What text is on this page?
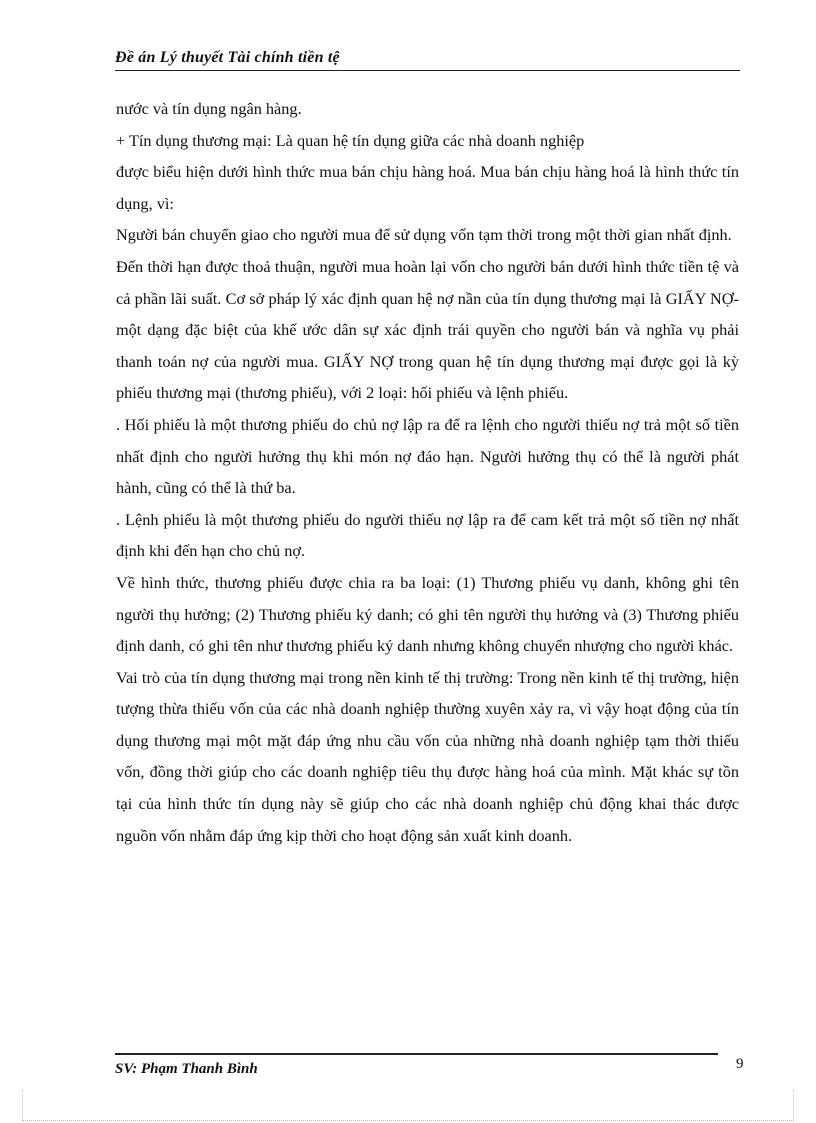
Đề án Lý thuyết Tài chính tiền tệ

nước và tín dụng ngân hàng.

+ Tín dụng thương mại: Là quan hệ tín dụng giữa các nhà doanh nghiệp

được biểu hiện dưới hình thức mua bán chịu hàng hoá. Mua bán chịu hàng hoá là hình thức tín dụng, vì:

Người bán chuyển giao cho người mua để sử dụng vốn tạm thời trong một thời gian nhất định.

Đến thời hạn được thoả thuận, người mua hoàn lại vốn cho người bán dưới hình thức tiền tệ và cả phần lãi suất. Cơ sở pháp lý xác định quan hệ nợ nần của tín dụng thương mại là GIẤY NỢ- một dạng đặc biệt của khế ước dân sự xác định trái quyền cho người bán và nghĩa vụ phải thanh toán nợ của người mua. GIẤY NỢ trong quan hệ tín dụng thương mại được gọi là kỳ phiếu thương mại (thương phiếu), với 2 loại: hối phiếu và lệnh phiếu.

. Hối phiếu là một thương phiếu do chủ nợ lập ra để ra lệnh cho người thiếu nợ trả một số tiền nhất định cho người hưởng thụ khi món nợ đáo hạn. Người hưởng thụ có thể là người phát hành, cũng có thể là thứ ba.

. Lệnh phiếu là một thương phiếu do người thiếu nợ lập ra để cam kết trả một số tiền nợ nhất định khi đến hạn cho chủ nợ.

Về hình thức, thương phiếu được chia ra ba loại: (1) Thương phiếu vụ danh, không ghi tên người thụ hưởng; (2) Thương phiếu ký danh; có ghi tên người thụ hưởng và (3) Thương phiếu định danh, có ghi tên như thương phiếu ký danh nhưng không chuyển nhượng cho người khác.

Vai trò của tín dụng thương mại trong nền kinh tế thị trường: Trong nền kinh tế thị trường, hiện tượng thừa thiếu vốn của các nhà doanh nghiệp thường xuyên xảy ra, vì vậy hoạt động của tín dụng thương mại một mặt đáp ứng nhu cầu vốn của những nhà doanh nghiệp tạm thời thiếu vốn, đồng thời giúp cho các doanh nghiệp tiêu thụ được hàng hoá của mình. Mặt khác sự tồn tại của hình thức tín dụng này sẽ giúp cho các nhà doanh nghiệp chủ động khai thác được nguồn vốn nhằm đáp ứng kịp thời cho hoạt động sản xuất kinh doanh.

SV: Phạm Thanh Bình	9
